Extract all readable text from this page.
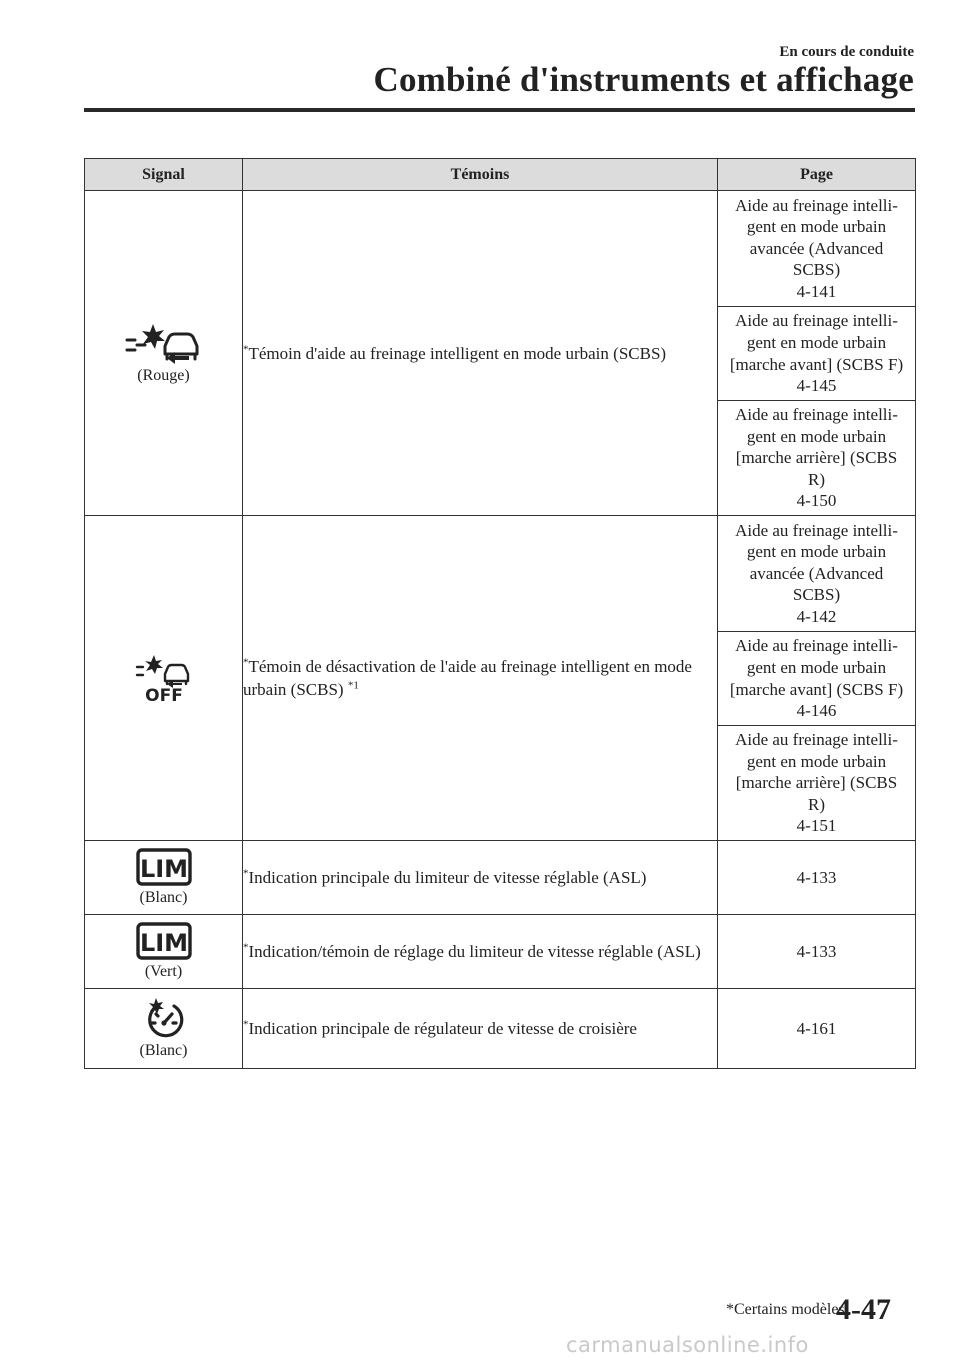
En cours de conduite
Combiné d'instruments et affichage
Signal	Témoins	Page

(Rouge)	*Témoin d'aide au freinage intelligent en mode urbain (SCBS)	Aide au freinage intelli-
gent en mode urbain
avancée (Advanced
SCBS)
4-141

		Aide au freinage intelli-
gent en mode urbain
[marche avant] (SCBS F)
4-145

		Aide au freinage intelli-
gent en mode urbain
[marche arrière] (SCBS
R)
4-150

OFF	*Témoin de désactivation de l'aide au freinage intelligent en mode urbain (SCBS) $^{*1}$	Aide au freinage intelli-
gent en mode urbain
avancée (Advanced
SCBS)
4-142

		Aide au freinage intelli-
gent en mode urbain
[marche avant] (SCBS F)
4-146

		Aide au freinage intelli-
gent en mode urbain
[marche arrière] (SCBS
R)
4-151

LIM
(Blanc)	*Indication principale du limiteur de vitesse réglable (ASL)	4-133

LIM
(Vert)	*Indication/témoin de réglage du limiteur de vitesse réglable (ASL)	4-133

(Blanc)	*Indication principale de régulateur de vitesse de croisière	4-161
*Certains modèles.
4-47
carmanualsonline.info
